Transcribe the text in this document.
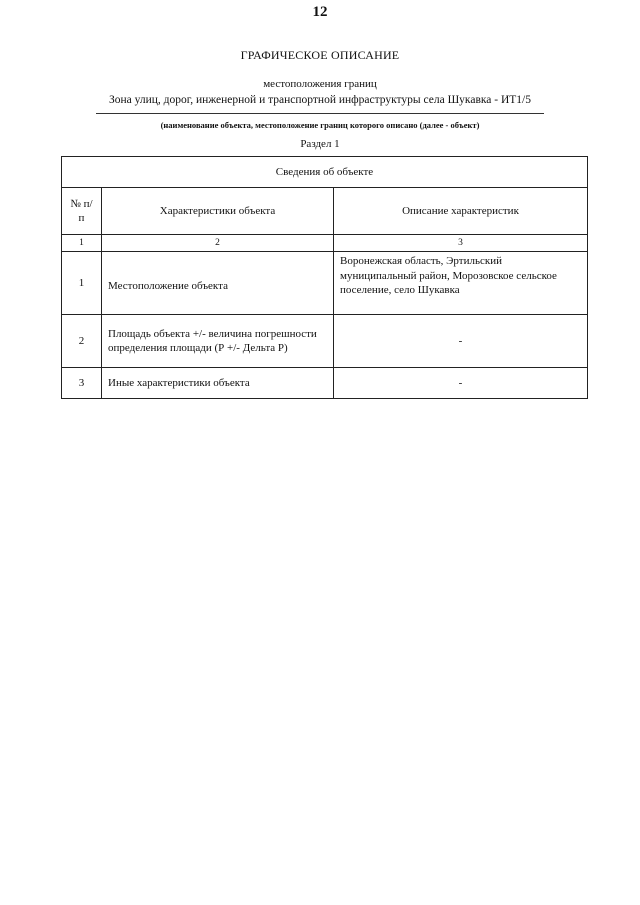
12
ГРАФИЧЕСКОЕ ОПИСАНИЕ
местоположения границ
Зона улиц, дорог, инженерной и транспортной инфраструктуры села Шукавка - ИТ1/5
(наименование объекта, местоположение границ которого описано (далее - объект)
Раздел 1
Сведения об объекте		
№ п/п	Характеристики объекта	Описание характеристик
1	2	3
1	Местоположение объекта	Воронежская область, Эртильский муниципальный район, Морозовское сельское поселение, село Шукавка
2	Площадь объекта +/- величина погрешности определения площади (Р +/- Дельта Р)	-
3	Иные характеристики объекта	-
